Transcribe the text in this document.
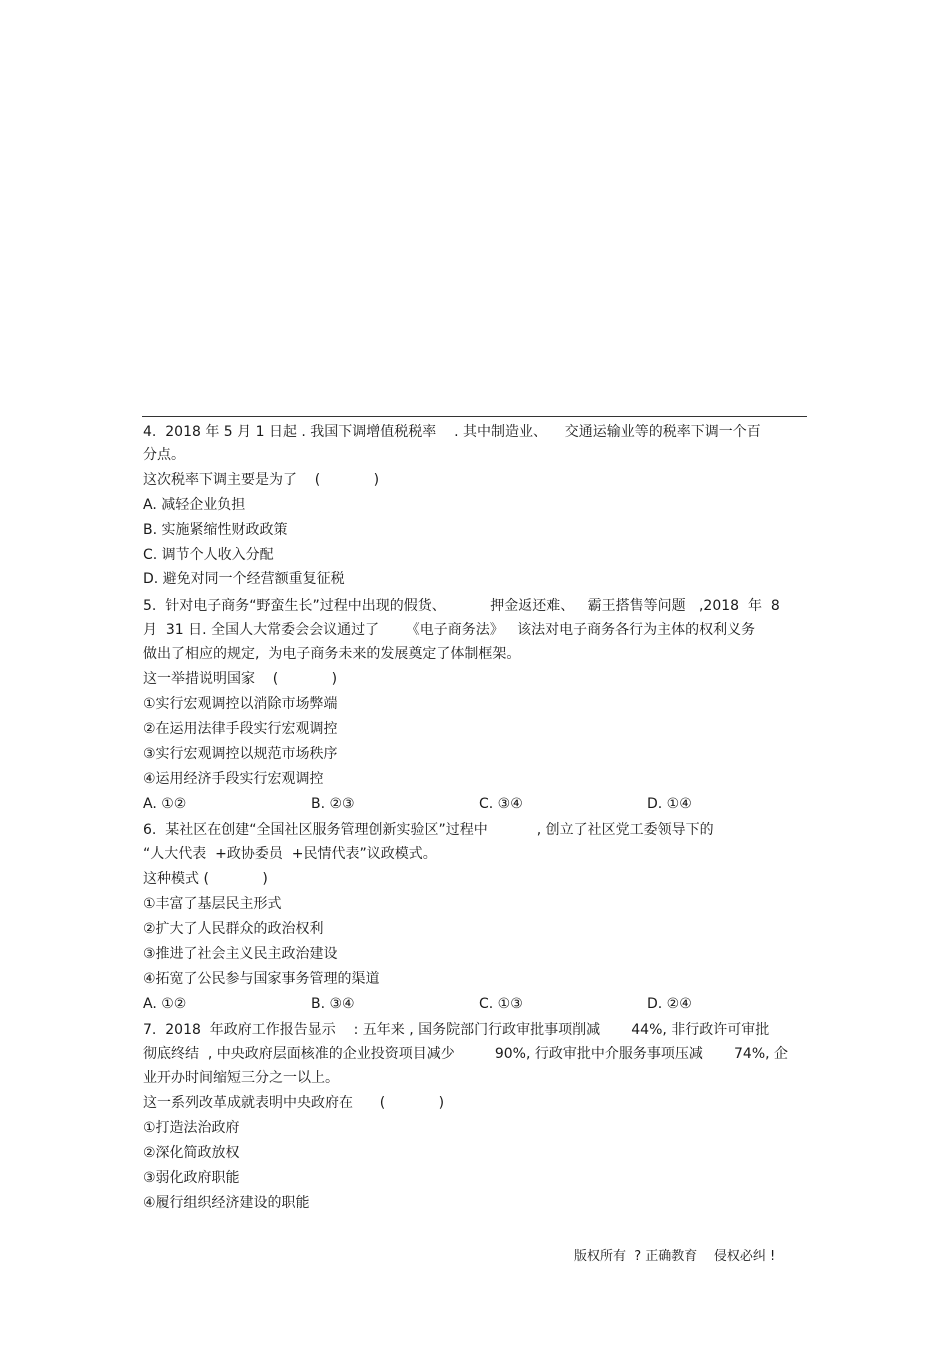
4.  2018 年 5 月 1 日起 . 我国下调增值税税率    . 其中制造业、    交通运输业等的税率下调一个百
分点。
这次税率下调主要是为了    (            )
A. 减轻企业负担
B. 实施紧缩性财政政策
C. 调节个人收入分配
D. 避免对同一个经营额重复征税
5.  针对电子商务“野蛮生长”过程中出现的假货、          押金返还难、   霸王搭售等问题   ,2018  年  8
月  31 日. 全国人大常委会会议通过了      《电子商务法》   该法对电子商务各行为主体的权利义务
做出了相应的规定,  为电子商务未来的发展奠定了体制框架。
这一举措说明国家    (            )
①实行宏观调控以消除市场弊端
②在运用法律手段实行宏观调控
③实行宏观调控以规范市场秩序
④运用经济手段实行宏观调控
A. ①②	B. ②③	C. ③④	D. ①④
6.  某社区在创建“全国社区服务管理创新实验区”过程中           , 创立了社区党工委领导下的
“人大代表  +政协委员  +民情代表”议政模式。
这种模式 (            )
①丰富了基层民主形式
②扩大了人民群众的政治权利
③推进了社会主义民主政治建设
④拓宽了公民参与国家事务管理的渠道
A. ①②	B. ③④	C. ①③	D. ②④
7.  2018  年政府工作报告显示    : 五年来 , 国务院部门行政审批事项削减       44%, 非行政许可审批
彻底终结  , 中央政府层面核准的企业投资项目减少         90%, 行政审批中介服务事项压减       74%, 企
业开办时间缩短三分之一以上。
这一系列改革成就表明中央政府在      (            )
①打造法治政府
②深化简政放权
③弱化政府职能
④履行组织经济建设的职能
版权所有  ? 正确教育    侵权必纠 !
